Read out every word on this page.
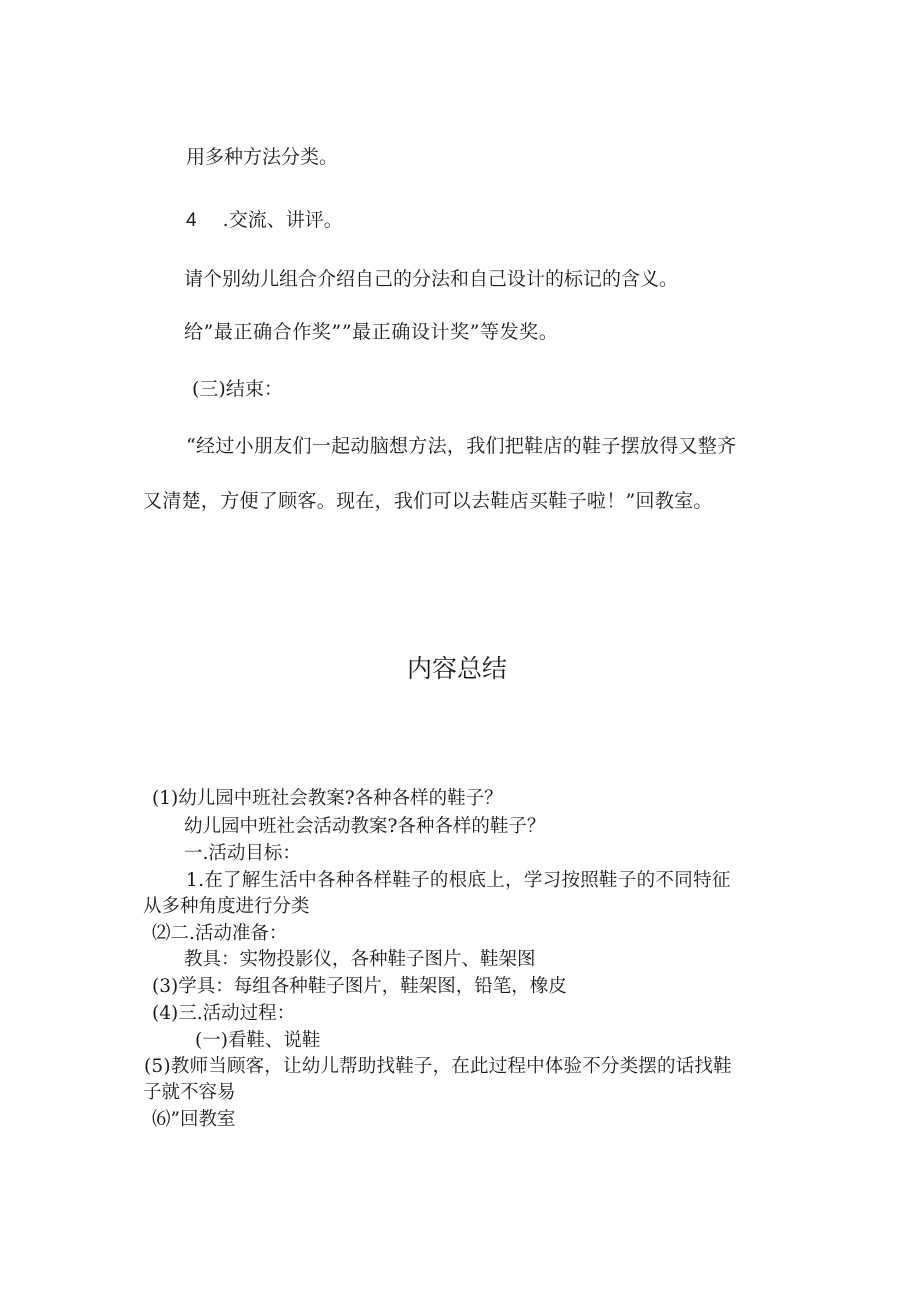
用多种方法分类。
4 .交流、讲评。
请个别幼儿组合介绍自己的分法和自己设计的标记的含义。
给”最正确合作奖””最正确设计奖”等发奖。
(三)结束：
“经过小朋友们一起动脑想方法，我们把鞋店的鞋子摆放得又整齐
又清楚，方便了顾客。现在，我们可以去鞋店买鞋子啦！”回教室。
内容总结
(1)幼儿园中班社会教案?各种各样的鞋子？
幼儿园中班社会活动教案?各种各样的鞋子？
一.活动目标：
1.在了解生活中各种各样鞋子的根底上，学习按照鞋子的不同特征
从多种角度进行分类
⑵二.活动准备：
教具：实物投影仪，各种鞋子图片、鞋架图
(3)学具：每组各种鞋子图片，鞋架图，铅笔，橡皮
(4)三.活动过程：
(一)看鞋、说鞋
(5)教师当顾客，让幼儿帮助找鞋子，在此过程中体验不分类摆的话找鞋
子就不容易
⑹”回教室
